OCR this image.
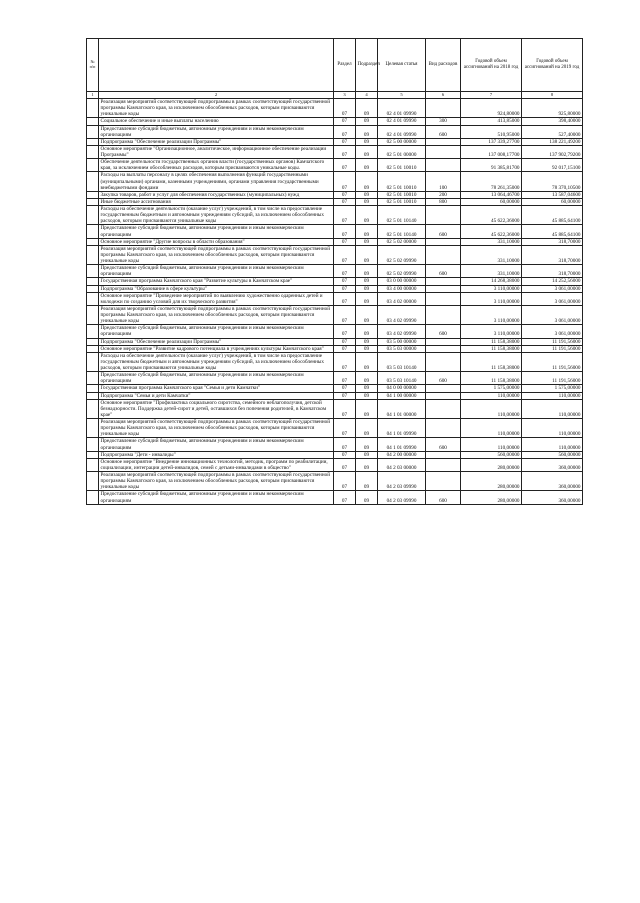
№ п/п		Раздел	Подраздел	Целевая статья	Вид расходов	Годовой объем ассигнований на 2018 год	Годовой объем ассигнований на 2019 год
1	2	3	4	5	6	7	8
	Реализация мероприятий соответствующей подпрограммы в рамках соответствующей государственной программы Камчатского края, за исключением обособленных расходов, которым присваиваются уникальные коды	07	09	02 4 01 09990		924,80000	925,80000
	Социальное обеспечение и иные выплаты населению	07	09	02 4 01 09990	300	413,85000	398,40000
	Предоставление субсидий бюджетным, автономным учреждениям и иным некоммерческим организациям	07	09	02 4 01 09990	600	510,95000	527,40000
	Подпрограмма "Обеспечение реализации Программы"	07	09	02 5 00 00000		137 339,27700	138 221,49200
	Основное мероприятие "Организационное, аналитическое, информационное обеспечение реализации Программы"	07	09	02 5 01 00000		137 008,17700	137 902,79200
	Обеспечение деятельности государственных органов власти (государственных органов) Камчатского края, за исключением обособленных расходов, которым присваиваются уникальные коды.	07	09	02 5 01 10010		91 385,81700	92 017,15100
	Расходы на выплаты персоналу в целях обеспечения выполнения функций государственными (муниципальными) органами, казенными учреждениями, органами управления государственными внебюджетными фондами	07	09	02 5 01 10010	100	78 261,35000	78 370,10500
	Закупка товаров, работ и услуг для обеспечения государственных (муниципальных) нужд	07	09	02 5 01 10010	200	13 064,46700	13 587,04600
	Иные бюджетные ассигнования	07	09	02 5 01 10010	800	60,00000	60,00000
	Расходы на обеспечение деятельности (оказание услуг) учреждений, в том числе на предоставление государственным бюджетным и автономным учреждениям субсидий, за исключением обособленных расходов, которым присваиваются уникальные коды	07	09	02 5 01 10140		45 622,36000	45 885,64100
	Предоставление субсидий бюджетным, автономным учреждениям и иным некоммерческим организациям	07	09	02 5 01 10140	600	45 622,36000	45 885,64100
	Основное мероприятие "Другие вопросы в области образования"	07	09	02 5 02 00000		331,10000	318,70000
	Реализация мероприятий соответствующей подпрограммы в рамках соответствующей государственной программы Камчатского края, за исключением обособленных расходов, которым присваиваются уникальные коды	07	09	02 5 02 09990		331,10000	318,70000
	Предоставление субсидий бюджетным, автономным учреждениям и иным некоммерческим организациям	07	09	02 5 02 09990	600	331,10000	318,70000
	Государственная программа Камчатского края "Развитие культуры в Камчатском крае"	07	09	03 0 00 00000		14 268,38000	14 252,56000
	Подпрограмма "Образование в сфере культуры"	07	09	03 4 00 00000		3 110,00000	3 061,00000
	Основное мероприятие "Проведение мероприятий по выявлению художественно одаренных детей и молодежи по созданию условий для их творческого развития"	07	09	03 4 02 00000		3 110,00000	3 061,00000
	Реализация мероприятий соответствующей подпрограммы в рамках соответствующей государственной программы Камчатского края, за исключением обособленных расходов, которым присваиваются уникальные коды	07	09	03 4 02 09990		3 110,00000	3 061,00000
	Предоставление субсидий бюджетным, автономным учреждениям и иным некоммерческим организациям	07	09	03 4 02 09990	600	3 110,00000	3 061,00000
	Подпрограмма "Обеспечение реализации Программы"	07	09	03 5 00 00000		11 158,38000	11 191,56000
	Основное мероприятие "Развитие кадрового потенциала в учреждениях культуры Камчатского края"	07	09	03 5 03 00000		11 158,38000	11 191,56000
	Расходы на обеспечение деятельности (оказание услуг) учреждений, в том числе на предоставление государственным бюджетным и автономным учреждениям субсидий, за исключением обособленных расходов, которым присваиваются уникальные коды	07	09	03 5 03 10140		11 158,38000	11 191,56000
	Предоставление субсидий бюджетным, автономным учреждениям и иным некоммерческим организациям	07	09	03 5 03 10140	600	11 158,38000	11 191,56000
	Государственная программа Камчатского края "Семья и дети Камчатки"	07	09	04 0 00 00000		1 575,00000	1 575,00000
	Подпрограмма "Семья и дети Камчатки"	07	09	04 1 00 00000		110,00000	110,00000
	Основное мероприятие "Профилактика социального сиротства, семейного неблагополучия, детской безнадзорности. Поддержка детей-сирот и детей, оставшихся без попечения родителей, в Камчатском крае"	07	09	04 1 01 00000		110,00000	110,00000
	Реализация мероприятий соответствующей подпрограммы в рамках соответствующей государственной программы Камчатского края, за исключением обособленных расходов, которым присваиваются уникальные коды	07	09	04 1 01 09990		110,00000	110,00000
	Предоставление субсидий бюджетным, автономным учреждениям и иным некоммерческим организациям	07	09	04 1 01 09990	600	110,00000	110,00000
	Подпрограмма "Дети - инвалиды"	07	09	04 2 00 00000		560,00000	560,00000
	Основное мероприятие "Внедрение инновационных технологий, методик, программ по реабилитации, социализации, интеграции детей-инвалидов, семей с детьми-инвалидами в общество"	07	09	04 2 03 00000		280,00000	360,00000
	Реализация мероприятий соответствующей подпрограммы в рамках соответствующей государственной программы Камчатского края, за исключением обособленных расходов, которым присваиваются уникальные коды	07	09	04 2 03 09990		280,00000	360,00000
	Предоставление субсидий бюджетным, автономным учреждениям и иным некоммерческим организациям	07	09	04 2 03 09990	600	280,00000	360,00000
